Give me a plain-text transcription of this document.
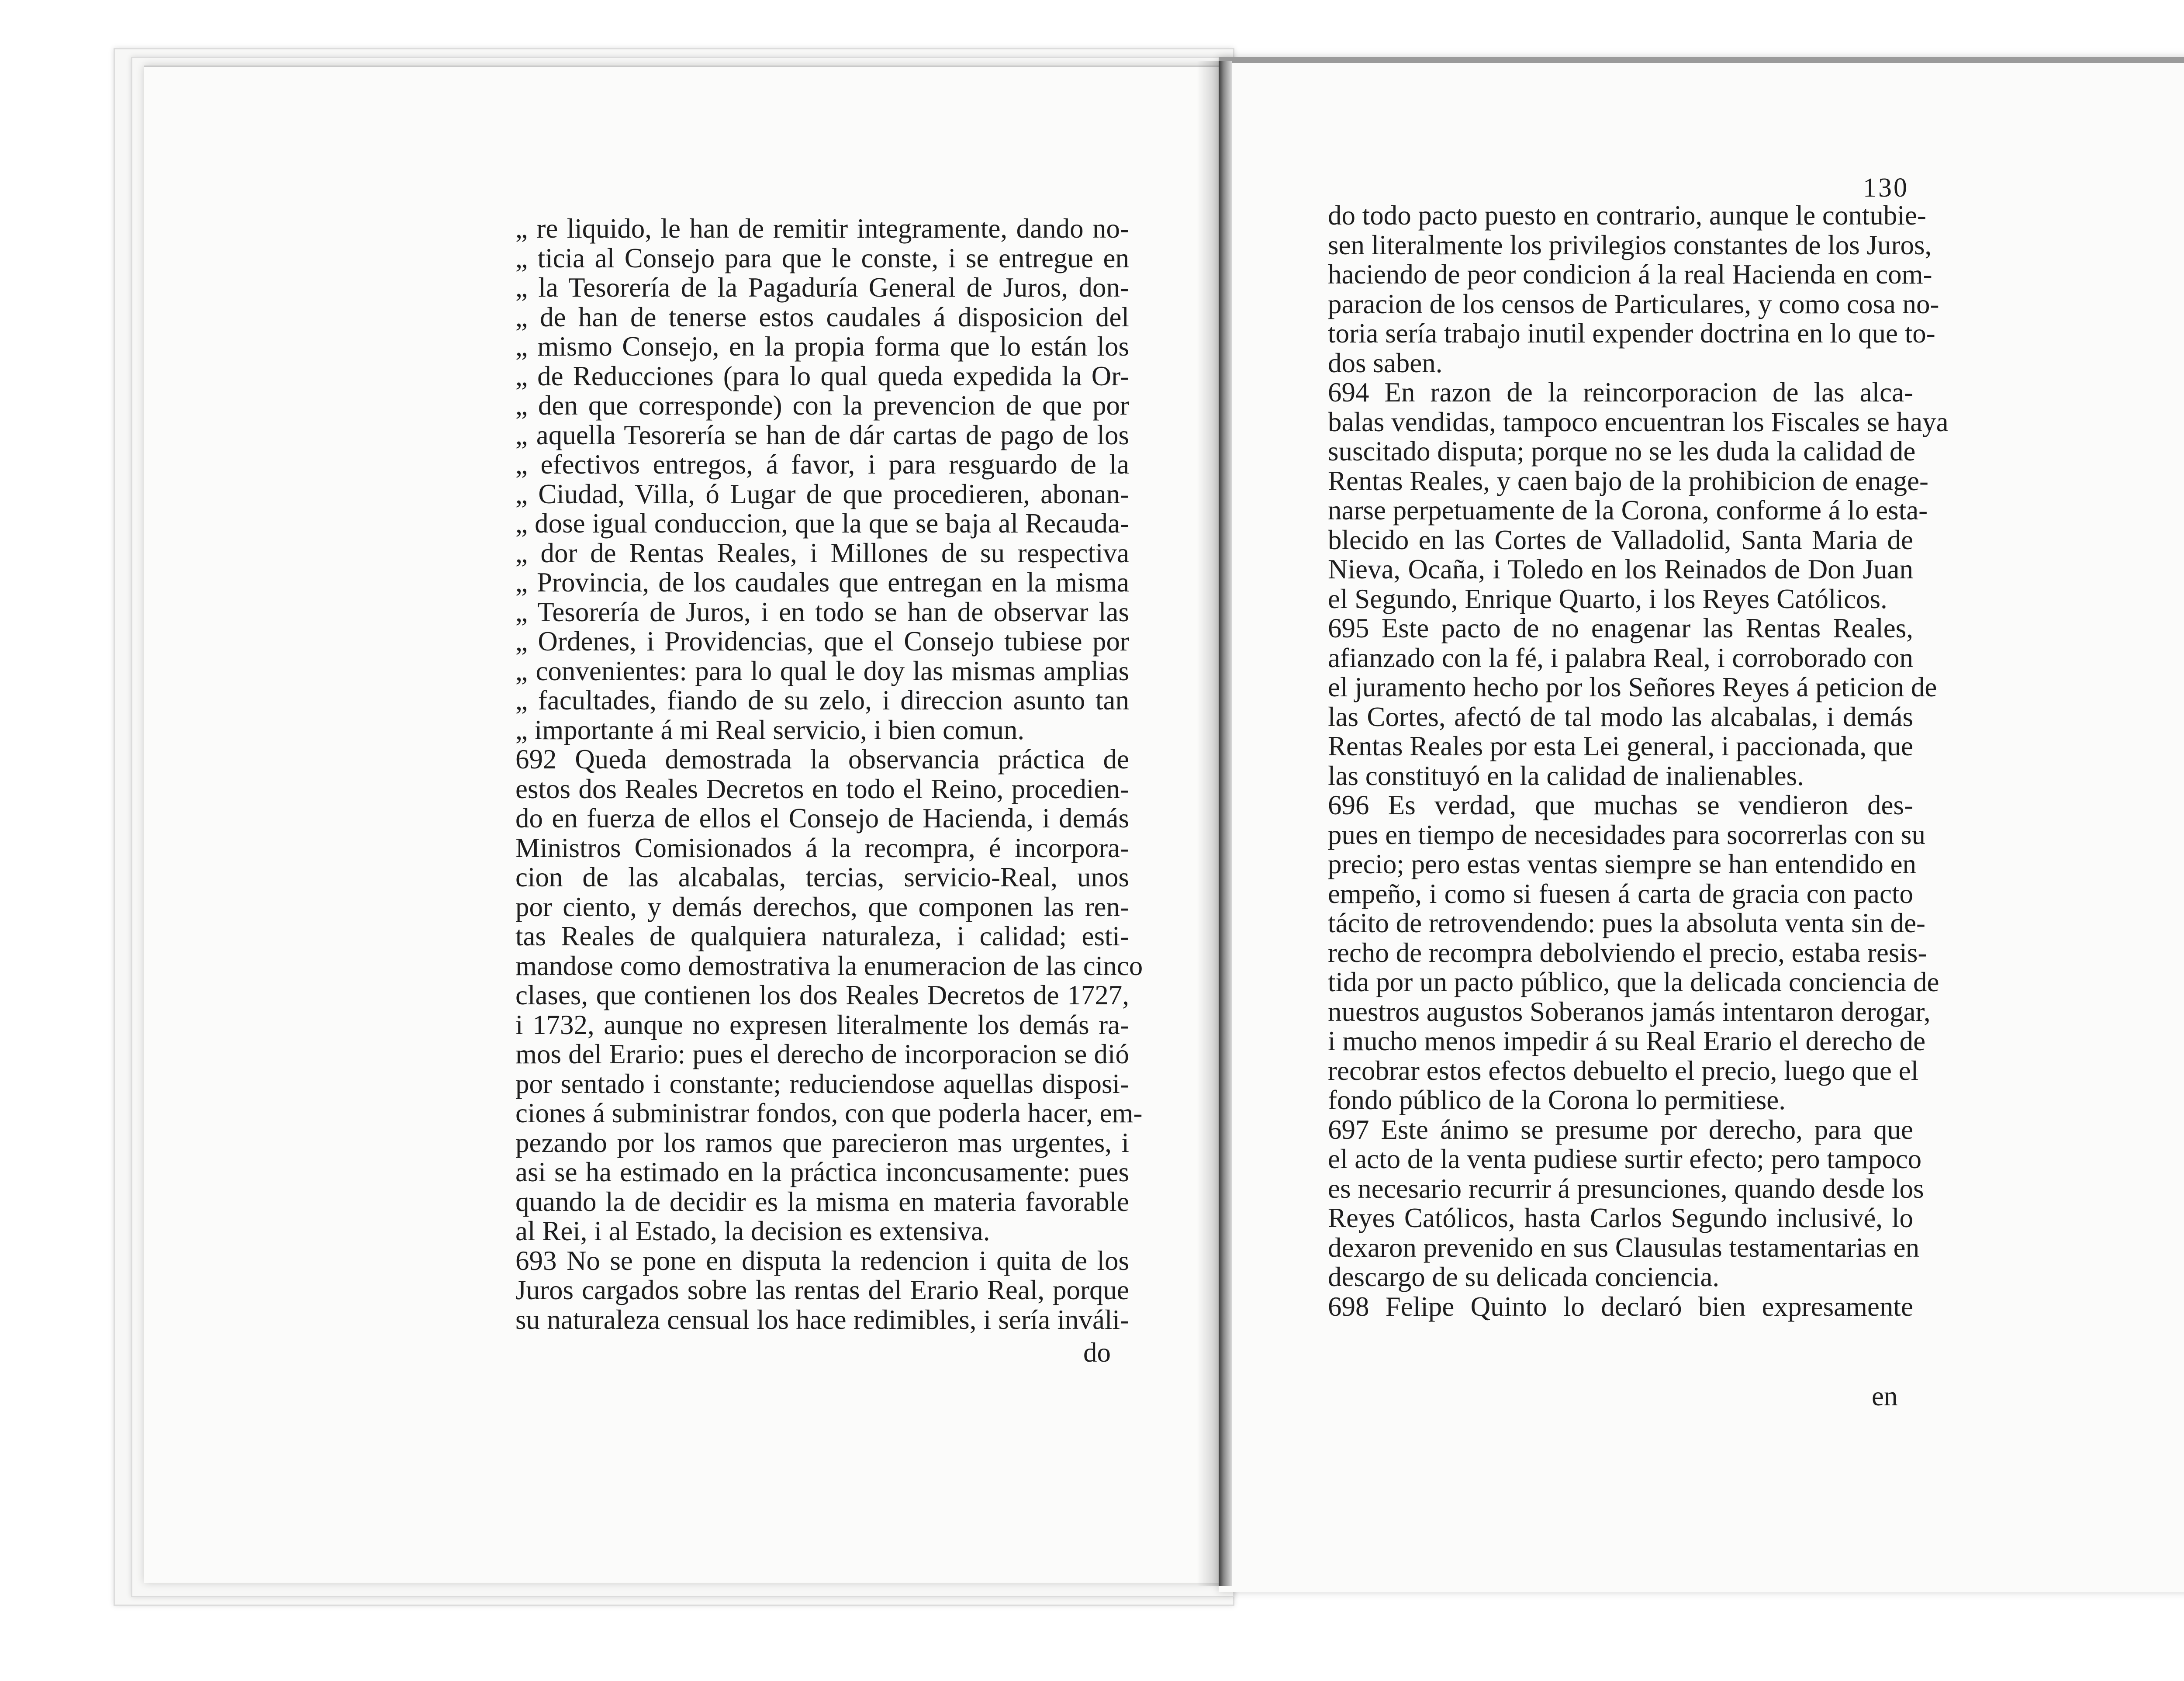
„ re liquido, le han de remitir integramente, dando no-
„ ticia al Consejo para que le conste, i se entregue en
„ la Tesorería de la Pagaduría General de Juros, don-
„ de han de tenerse estos caudales á disposicion del
„ mismo Consejo, en la propia forma que lo están los
„ de Reducciones (para lo qual queda expedida la Or-
„ den que corresponde) con la prevencion de que por
„ aquella Tesorería se han de dár cartas de pago de los
„ efectivos entregos, á favor, i para resguardo de la
„ Ciudad, Villa, ó Lugar de que procedieren, abonan-
„ dose igual conduccion, que la que se baja al Recauda-
„ dor de Rentas Reales, i Millones de su respectiva
„ Provincia, de los caudales que entregan en la misma
„ Tesorería de Juros, i en todo se han de observar las
„ Ordenes, i Providencias, que el Consejo tubiese por
„ convenientes: para lo qual le doy las mismas amplias
„ facultades, fiando de su zelo, i direccion asunto tan
„ importante á mi Real servicio, i bien comun.
692 Queda demostrada la observancia práctica de
estos dos Reales Decretos en todo el Reino, procedien-
do en fuerza de ellos el Consejo de Hacienda, i demás
Ministros Comisionados á la recompra, é incorpora-
cion de las alcabalas, tercias, servicio-Real, unos
por ciento, y demás derechos, que componen las ren-
tas Reales de qualquiera naturaleza, i calidad; esti-
mandose como demostrativa la enumeracion de las cinco
clases, que contienen los dos Reales Decretos de 1727,
i 1732, aunque no expresen literalmente los demás ra-
mos del Erario: pues el derecho de incorporacion se dió
por sentado i constante; reduciendose aquellas disposi-
ciones á subministrar fondos, con que poderla hacer, em-
pezando por los ramos que parecieron mas urgentes, i
asi se ha estimado en la práctica inconcusamente: pues
quando la de decidir es la misma en materia favorable
al Rei, i al Estado, la decision es extensiva.
693 No se pone en disputa la redencion i quita de los
Juros cargados sobre las rentas del Erario Real, porque
su naturaleza censual los hace redimibles, i sería inváli-
do
130
do todo pacto puesto en contrario, aunque le contubie-
sen literalmente los privilegios constantes de los Juros,
haciendo de peor condicion á la real Hacienda en com-
paracion de los censos de Particulares, y como cosa no-
toria sería trabajo inutil expender doctrina en lo que to-
dos saben.
694 En razon de la reincorporacion de las alca-
balas vendidas, tampoco encuentran los Fiscales se haya
suscitado disputa; porque no se les duda la calidad de
Rentas Reales, y caen bajo de la prohibicion de enage-
narse perpetuamente de la Corona, conforme á lo esta-
blecido en las Cortes de Valladolid, Santa Maria de
Nieva, Ocaña, i Toledo en los Reinados de Don Juan
el Segundo, Enrique Quarto, i los Reyes Católicos.
695 Este pacto de no enagenar las Rentas Reales,
afianzado con la fé, i palabra Real, i corroborado con
el juramento hecho por los Señores Reyes á peticion de
las Cortes, afectó de tal modo las alcabalas, i demás
Rentas Reales por esta Lei general, i paccionada, que
las constituyó en la calidad de inalienables.
696 Es verdad, que muchas se vendieron des-
pues en tiempo de necesidades para socorrerlas con su
precio; pero estas ventas siempre se han entendido en
empeño, i como si fuesen á carta de gracia con pacto
tácito de retrovendendo: pues la absoluta venta sin de-
recho de recompra debolviendo el precio, estaba resis-
tida por un pacto público, que la delicada conciencia de
nuestros augustos Soberanos jamás intentaron derogar,
i mucho menos impedir á su Real Erario el derecho de
recobrar estos efectos debuelto el precio, luego que el
fondo público de la Corona lo permitiese.
697 Este ánimo se presume por derecho, para que
el acto de la venta pudiese surtir efecto; pero tampoco
es necesario recurrir á presunciones, quando desde los
Reyes Católicos, hasta Carlos Segundo inclusivé, lo
dexaron prevenido en sus Clausulas testamentarias en
descargo de su delicada conciencia.
698 Felipe Quinto lo declaró bien expresamente
en
